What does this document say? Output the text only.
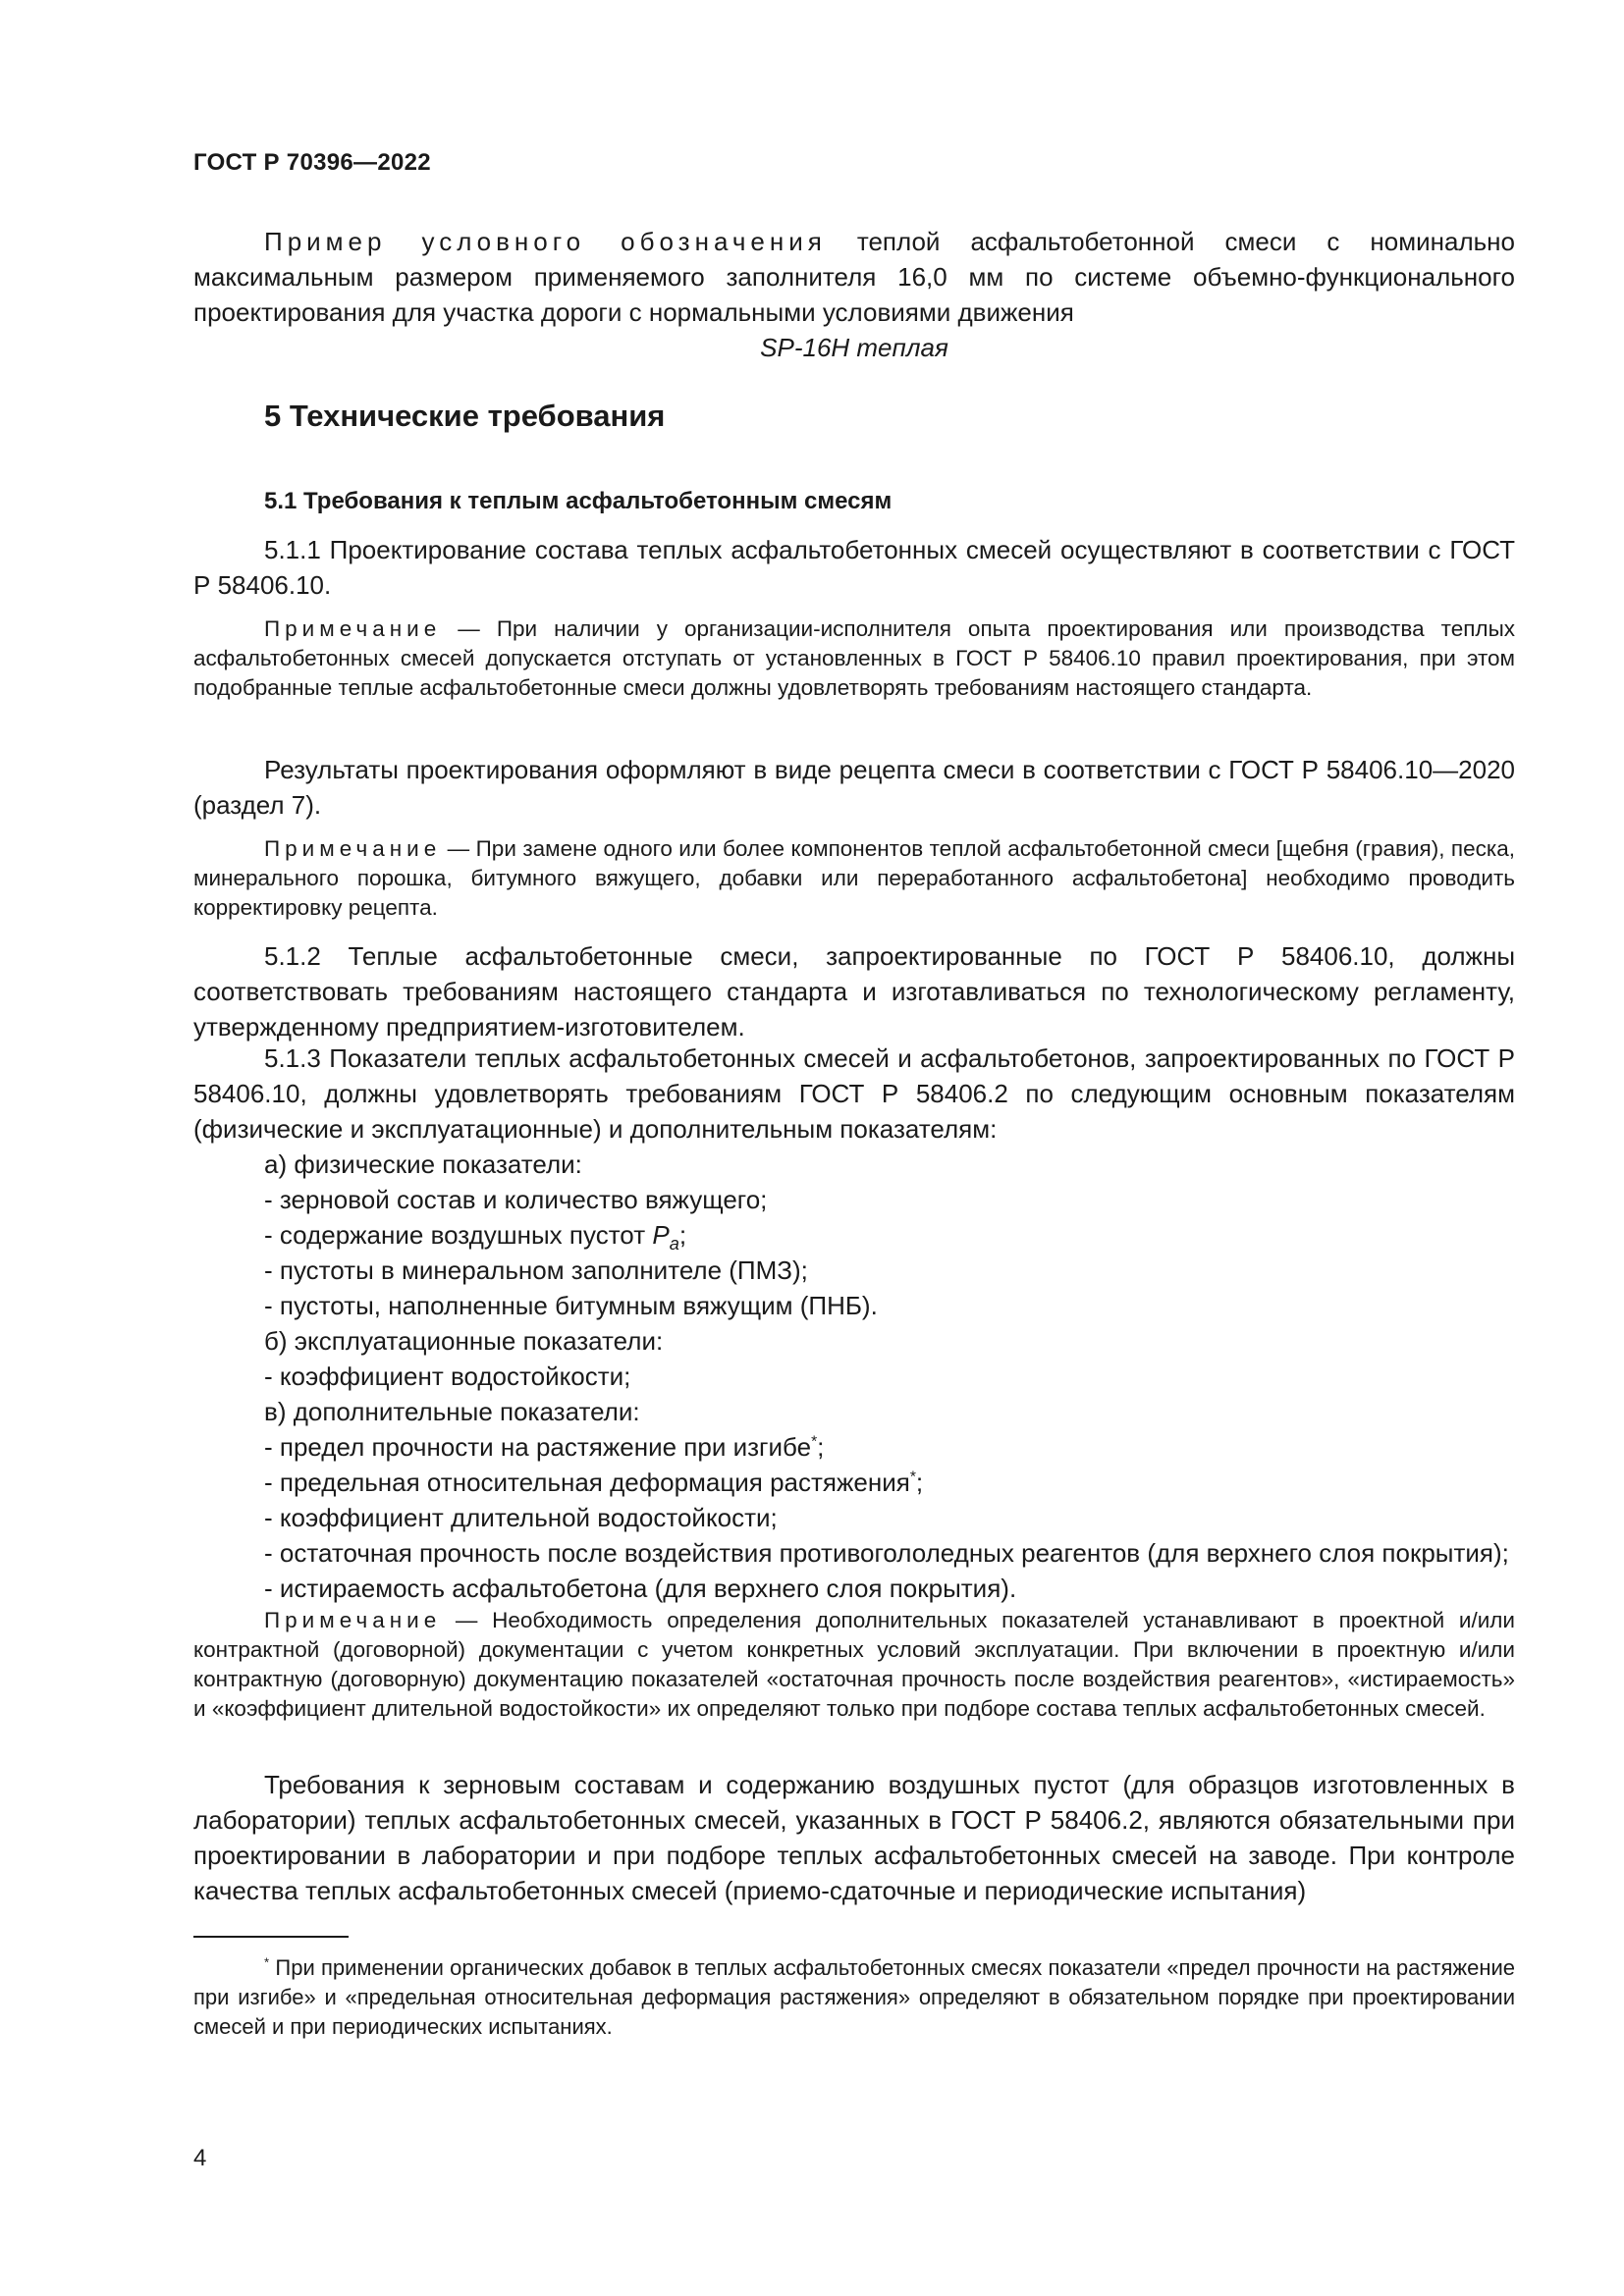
ГОСТ Р 70396—2022

Пример условного обозначения теплой асфальтобетонной смеси с номинально максимальным размером применяемого заполнителя 16,0 мм по системе объемно-функционального проектирования для участка дороги с нормальными условиями движения

SP-16H теплая

5 Технические требования

5.1 Требования к теплым асфальтобетонным смесям

5.1.1 Проектирование состава теплых асфальтобетонных смесей осуществляют в соответствии с ГОСТ Р 58406.10.

Примечание — При наличии у организации-исполнителя опыта проектирования или производства теплых асфальтобетонных смесей допускается отступать от установленных в ГОСТ Р 58406.10 правил проектирования, при этом подобранные теплые асфальтобетонные смеси должны удовлетворять требованиям настоящего стандарта.

Результаты проектирования оформляют в виде рецепта смеси в соответствии с ГОСТ Р 58406.10—2020 (раздел 7).

Примечание — При замене одного или более компонентов теплой асфальтобетонной смеси [щебня (гравия), песка, минерального порошка, битумного вяжущего, добавки или переработанного асфальтобетона] необходимо проводить корректировку рецепта.

5.1.2 Теплые асфальтобетонные смеси, запроектированные по ГОСТ Р 58406.10, должны соответствовать требованиям настоящего стандарта и изготавливаться по технологическому регламенту, утвержденному предприятием-изготовителем.

5.1.3 Показатели теплых асфальтобетонных смесей и асфальтобетонов, запроектированных по ГОСТ Р 58406.10, должны удовлетворять требованиям ГОСТ Р 58406.2 по следующим основным показателям (физические и эксплуатационные) и дополнительным показателям:

а) физические показатели:

- зерновой состав и количество вяжущего;

- содержание воздушных пустот $P_a$;

- пустоты в минеральном заполнителе (ПМЗ);

- пустоты, наполненные битумным вяжущим (ПНБ).

б) эксплуатационные показатели:

- коэффициент водостойкости;

в) дополнительные показатели:

- предел прочности на растяжение при изгибе*;

- предельная относительная деформация растяжения*;

- коэффициент длительной водостойкости;

- остаточная прочность после воздействия противогололедных реагентов (для верхнего слоя покрытия);

- истираемость асфальтобетона (для верхнего слоя покрытия).

Примечание — Необходимость определения дополнительных показателей устанавливают в проектной и/или контрактной (договорной) документации с учетом конкретных условий эксплуатации. При включении в проектную и/или контрактную (договорную) документацию показателей «остаточная прочность после воздействия реагентов», «истираемость» и «коэффициент длительной водостойкости» их определяют только при подборе состава теплых асфальтобетонных смесей.

Требования к зерновым составам и содержанию воздушных пустот (для образцов изготовленных в лаборатории) теплых асфальтобетонных смесей, указанных в ГОСТ Р 58406.2, являются обязательными при проектировании в лаборатории и при подборе теплых асфальтобетонных смесей на заводе. При контроле качества теплых асфальтобетонных смесей (приемо-сдаточные и периодические испытания)

* При применении органических добавок в теплых асфальтобетонных смесях показатели «предел прочности на растяжение при изгибе» и «предельная относительная деформация растяжения» определяют в обязательном порядке при проектировании смесей и при периодических испытаниях.

4
